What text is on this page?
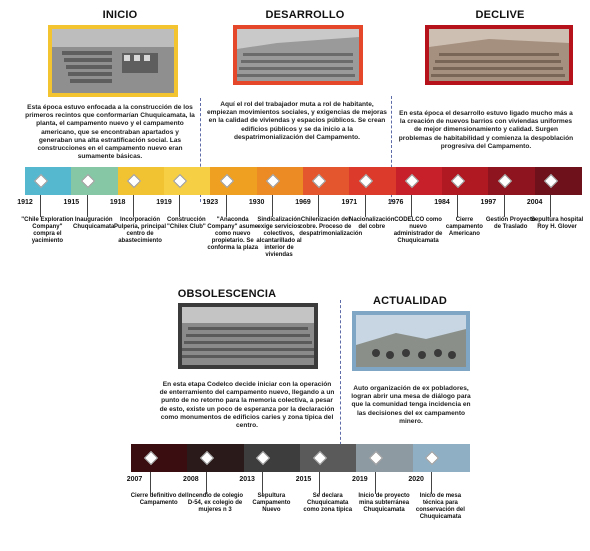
INICIO	DESARROLLO	DECLIVE
Esta época estuvo enfocada a la construcción de los primeros recintos que conformarían Chuquicamata, la planta, el campamento nuevo y el campamento americano, que se encontraban apartados y generaban una alta estratificación social. Las construcciones en el campamento nuevo eran sumamente básicas.
Aquí el rol del trabajador muta a rol de habitante, empiezan movimientos sociales, y exigencias de mejoras en la calidad de viviendas y espacios públicos. Se crean edificios públicos y se da inicio a la despatrimonialización del Campamento.
En esta época el desarrollo estuvo ligado mucho más a la creación de nuevos barrios con viviendas uniformes de mejor dimensionamiento y calidad. Surgen problemas de habitabilidad y comienza la despoblación progresiva del Campamento.
1912
"Chile Exploration Company" compra el yacimiento
1915
Inauguración Chuquicamata
1918
Incorporación Pulpería, principal centro de abastecimiento
1919
Construcción "Chilex Club"
1923
"Anaconda Company" asume como nuevo propietario. Se conforma la plaza
1930
Sindicalización exige servicios colectivos, alcantarillado al interior de viviendas
1969
Chilenización del cobre. Proceso de despatrimonialización
1971
Nacionalización del cobre
1976
CODELCO como nuevo administrador de Chuquicamata
1984
Cierre campamento Americano
1997
Gestión Proyecto de Traslado
2004
Sepultura hospital Roy H. Glover
OBSOLESCENCIA
ACTUALIDAD
En esta etapa Codelco decide iniciar con la operación de enterramiento del campamento nuevo, llegando a un punto de no retorno para la memoria colectiva, a pesar de esto, existe un poco de esperanza por la declaración como monumentos de edificios caries y zona típica del centro.
Auto organización de ex pobladores, logran abrir una mesa de diálogo para que la comunidad tenga incidencia en las decisiones del ex campamento minero.
2007
Cierre definitivo del Campamento
2008
Incendio de colegio D-54, ex colegio de mujeres n 3
2013
Sepultura Campamento Nuevo
2015
Se declara Chuquicamata como zona típica
2019
Inicio de proyecto mina subterránea Chuquicamata
2020
Inicio de mesa técnica para conservación del Chuquicamata
